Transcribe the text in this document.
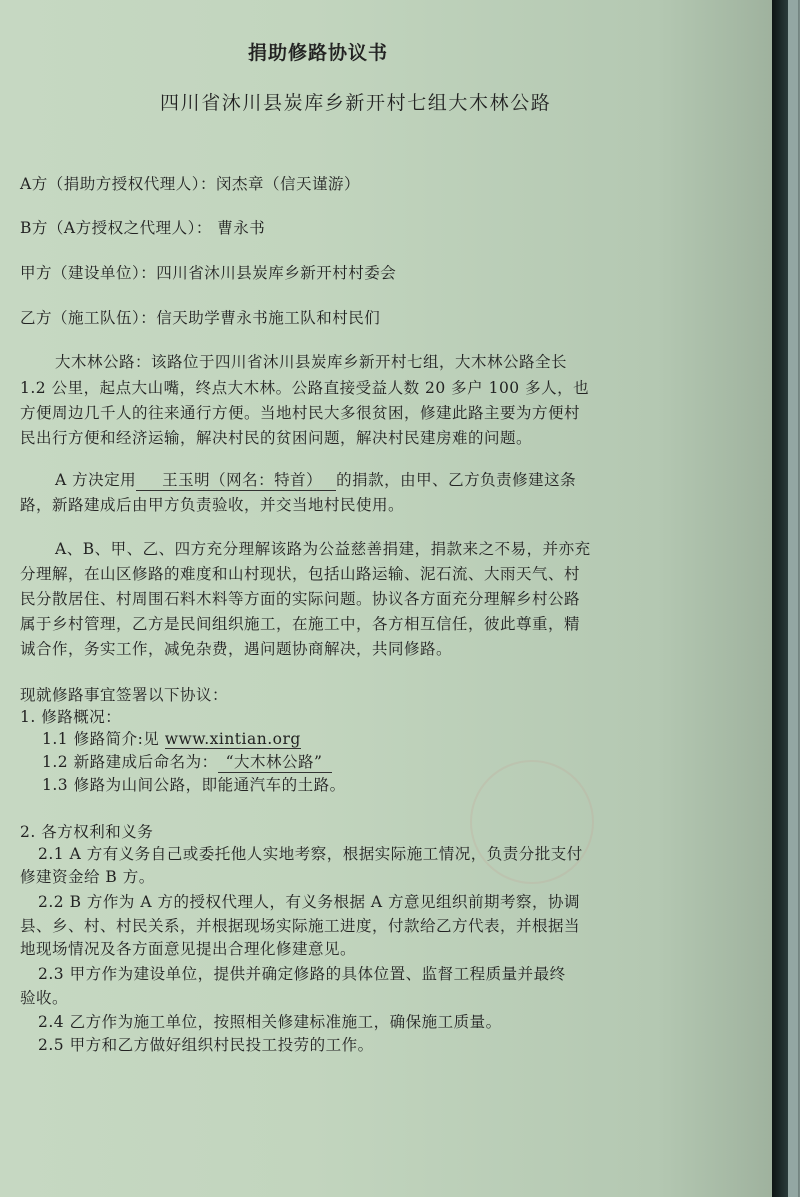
捐助修路协议书
四川省沐川县炭库乡新开村七组大木林公路
A方（捐助方授权代理人）：闵杰章（信天谨游）
B方（A方授权之代理人）： 曹永书
甲方（建设单位）：四川省沐川县炭库乡新开村村委会
乙方（施工队伍）：信天助学曹永书施工队和村民们
大木林公路：该路位于四川省沐川县炭库乡新开村七组，大木林公路全长
1.2 公里，起点大山嘴，终点大木林。公路直接受益人数 20 多户 100 多人，也
方便周边几千人的往来通行方便。当地村民大多很贫困，修建此路主要为方便村
民出行方便和经济运输，解决村民的贫困问题，解决村民建房难的问题。
A 方决定用 王玉明（网名：特首） 的捐款，由甲、乙方负责修建这条
路，新路建成后由甲方负责验收，并交当地村民使用。
A、B、甲、乙、四方充分理解该路为公益慈善捐建，捐款来之不易，并亦充
分理解，在山区修路的难度和山村现状，包括山路运输、泥石流、大雨天气、村
民分散居住、村周围石料木料等方面的实际问题。协议各方面充分理解乡村公路
属于乡村管理，乙方是民间组织施工，在施工中，各方相互信任，彼此尊重，精
诚合作，务实工作，减免杂费，遇问题协商解决，共同修路。
现就修路事宜签署以下协议：
1. 修路概况：
1.1 修路简介:见 www.xintian.org
1.2 新路建成后命名为： “大木林公路”
1.3 修路为山间公路，即能通汽车的土路。
2. 各方权利和义务
2.1 A 方有义务自己或委托他人实地考察，根据实际施工情况，负责分批支付
修建资金给 B 方。
2.2 B 方作为 A 方的授权代理人，有义务根据 A 方意见组织前期考察，协调
县、乡、村、村民关系，并根据现场实际施工进度，付款给乙方代表，并根据当
地现场情况及各方面意见提出合理化修建意见。
2.3 甲方作为建设单位，提供并确定修路的具体位置、监督工程质量并最终
验收。
2.4 乙方作为施工单位，按照相关修建标准施工，确保施工质量。
2.5 甲方和乙方做好组织村民投工投劳的工作。
